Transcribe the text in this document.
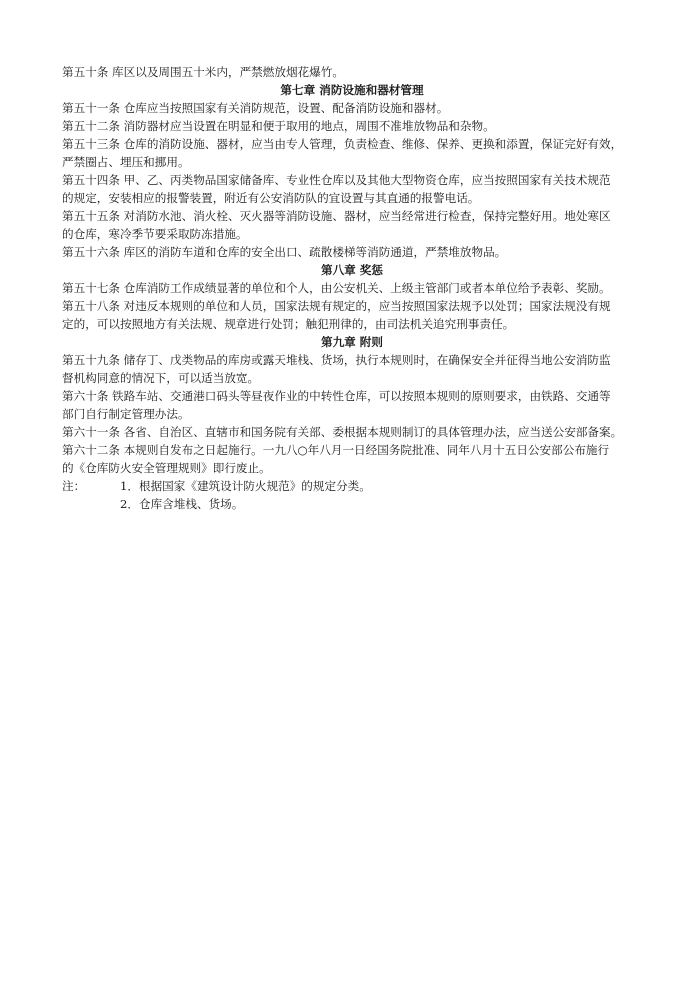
第五十条 库区以及周围五十米内，严禁燃放烟花爆竹。

第七章 消防设施和器材管理

第五十一条 仓库应当按照国家有关消防规范，设置、配备消防设施和器材。

第五十二条 消防器材应当设置在明显和便于取用的地点，周围不准堆放物品和杂物。

第五十三条 仓库的消防设施、器材，应当由专人管理，负责检查、维修、保养、更换和添置，保证完好有效，

严禁圈占、埋压和挪用。

第五十四条 甲、乙、丙类物品国家储备库、专业性仓库以及其他大型物资仓库，应当按照国家有关技术规范

的规定，安装相应的报警装置，附近有公安消防队的宜设置与其直通的报警电话。

第五十五条 对消防水池、消火栓、灭火器等消防设施、器材，应当经常进行检查，保持完整好用。地处寒区

的仓库，寒冷季节要采取防冻措施。

第五十六条 库区的消防车道和仓库的安全出口、疏散楼梯等消防通道，严禁堆放物品。

第八章 奖惩

第五十七条 仓库消防工作成绩显著的单位和个人，由公安机关、上级主管部门或者本单位给予表彰、奖励。

第五十八条 对违反本规则的单位和人员，国家法规有规定的，应当按照国家法规予以处罚；国家法规没有规

定的，可以按照地方有关法规、规章进行处罚；触犯刑律的，由司法机关追究刑事责任。

第九章 附则

第五十九条 储存丁、戊类物品的库房或露天堆栈、货场，执行本规则时，在确保安全并征得当地公安消防监

督机构同意的情况下，可以适当放宽。

第六十条 铁路车站、交通港口码头等昼夜作业的中转性仓库，可以按照本规则的原则要求，由铁路、交通等

部门自行制定管理办法。

第六十一条 各省、自治区、直辖市和国务院有关部、委根据本规则制订的具体管理办法，应当送公安部备案。

第六十二条 本规则自发布之日起施行。一九八○年八月一日经国务院批准、同年八月十五日公安部公布施行

的《仓库防火安全管理规则》即行废止。

注：	1．根据国家《建筑设计防火规范》的规定分类。

2．仓库含堆栈、货场。
